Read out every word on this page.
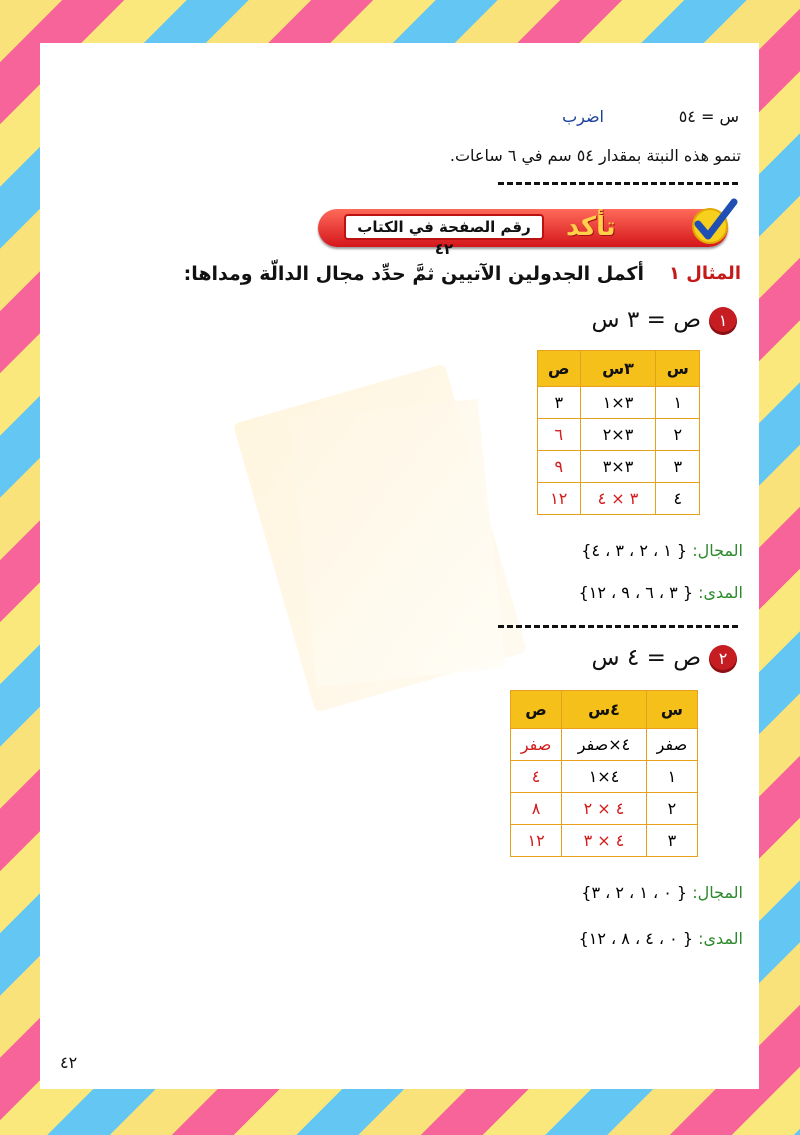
س = ٥٤
اضرب
تنمو هذه النبتة بمقدار ٥٤ سم في ٦ ساعات.
رقم الصفحة في الكتاب ٤٢
تأكد
المثال ١
أكمل الجدولين الآتيين ثمَّ حدِّد مجال الدالّة ومداها:
١
ص = ٣ س
ص	٣س	س
٣	٣×١	١
٦	٣×٢	٢
٩	٣×٣	٣
١٢	٣ × ٤	٤
المجال: { ١ ، ٢ ، ٣ ، ٤}
المدى: { ٣ ، ٦ ، ٩ ، ١٢}
٢
ص = ٤ س
ص	٤س	س
صفر	٤×صفر	صفر
٤	٤×١	١
٨	٤ × ٢	٢
١٢	٤ × ٣	٣
المجال: { ٠ ، ١ ، ٢ ، ٣}
المدى: { ٠ ، ٤ ، ٨ ، ١٢}
٤٢
